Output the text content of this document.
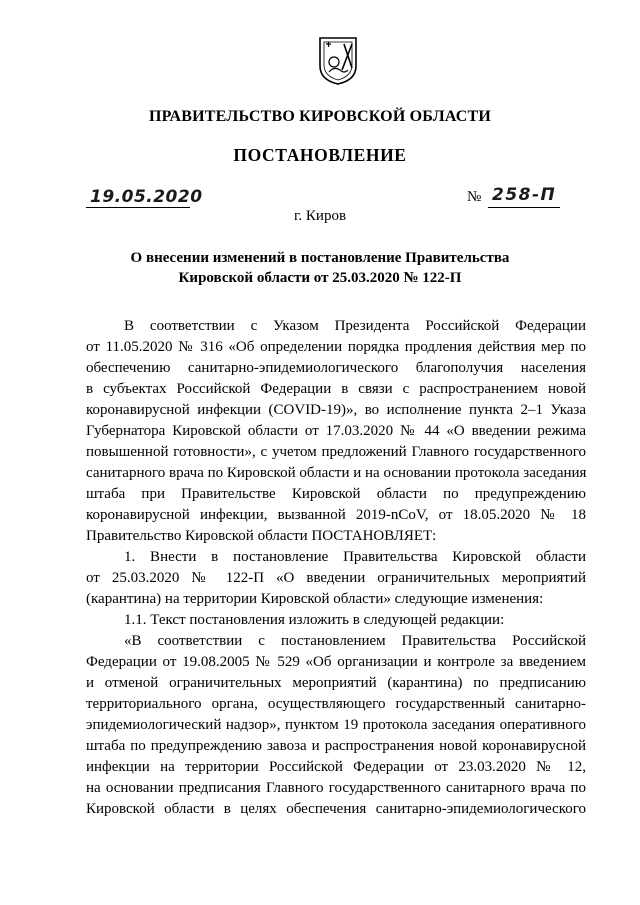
ПРАВИТЕЛЬСТВО КИРОВСКОЙ ОБЛАСТИ
ПОСТАНОВЛЕНИЕ
19.05.2020	№ 258-П
г. Киров
О внесении изменений в постановление Правительства
Кировской области от 25.03.2020 № 122-П
В соответствии с Указом Президента Российской Федерации
от 11.05.2020 № 316 «Об определении порядка продления действия мер по
обеспечению санитарно-эпидемиологического благополучия населения
в субъектах Российской Федерации в связи с распространением новой
коронавирусной инфекции (COVID-19)», во исполнение пункта 2–1 Указа
Губернатора Кировской области от 17.03.2020 № 44 «О введении режима
повышенной готовности», с учетом предложений Главного государственного
санитарного врача по Кировской области и на основании протокола заседания
штаба при Правительстве Кировской области по предупреждению
коронавирусной инфекции, вызванной 2019-nCoV, от 18.05.2020 № 18
Правительство Кировской области ПОСТАНОВЛЯЕТ:
1. Внести в постановление Правительства Кировской области
от 25.03.2020 № 122-П «О введении ограничительных мероприятий
(карантина) на территории Кировской области» следующие изменения:
1.1. Текст постановления изложить в следующей редакции:
«В соответствии с постановлением Правительства Российской
Федерации от 19.08.2005 № 529 «Об организации и контроле за введением
и отменой ограничительных мероприятий (карантина) по предписанию
территориального органа, осуществляющего государственный санитарно-
эпидемиологический надзор», пунктом 19 протокола заседания оперативного
штаба по предупреждению завоза и распространения новой коронавирусной
инфекции на территории Российской Федерации от 23.03.2020 № 12,
на основании предписания Главного государственного санитарного врача по
Кировской области в целях обеспечения санитарно-эпидемиологического
